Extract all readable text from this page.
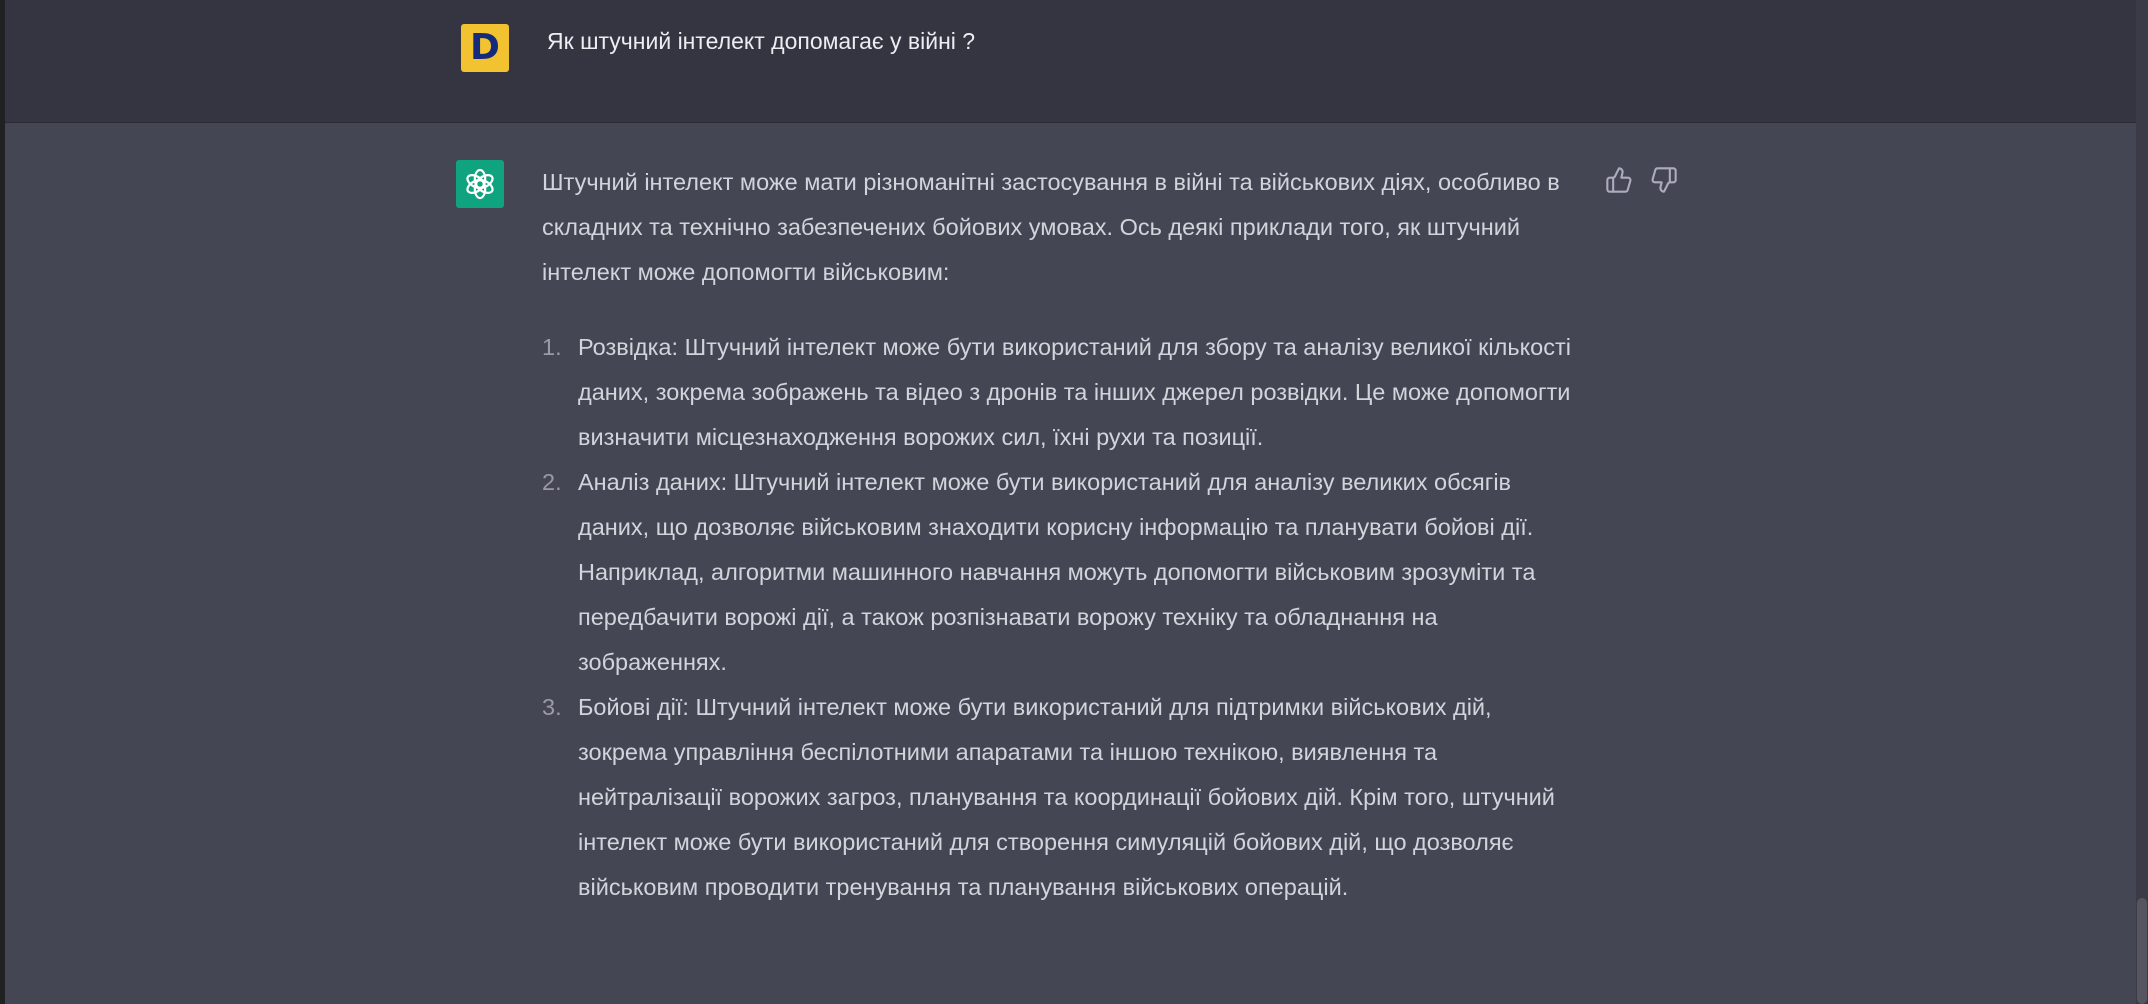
D	Як штучний інтелект допомагає у війні ?

Штучний інтелект може мати різноманітні застосування в війні та військових діях, особливо в складних та технічно забезпечених бойових умовах. Ось деякі приклади того, як штучний інтелект може допомогти військовим:

1. Розвідка: Штучний інтелект може бути використаний для збору та аналізу великої кількості даних, зокрема зображень та відео з дронів та інших джерел розвідки. Це може допомогти визначити місцезнаходження ворожих сил, їхні рухи та позиції.
2. Аналіз даних: Штучний інтелект може бути використаний для аналізу великих обсягів даних, що дозволяє військовим знаходити корисну інформацію та планувати бойові дії. Наприклад, алгоритми машинного навчання можуть допомогти військовим зрозуміти та передбачити ворожі дії, а також розпізнавати ворожу техніку та обладнання на зображеннях.
3. Бойові дії: Штучний інтелект може бути використаний для підтримки військових дій, зокрема управління беспілотними апаратами та іншою технікою, виявлення та нейтралізації ворожих загроз, планування та координації бойових дій. Крім того, штучний інтелект може бути використаний для створення симуляцій бойових дій, що дозволяє військовим проводити тренування та планування військових операцій.
